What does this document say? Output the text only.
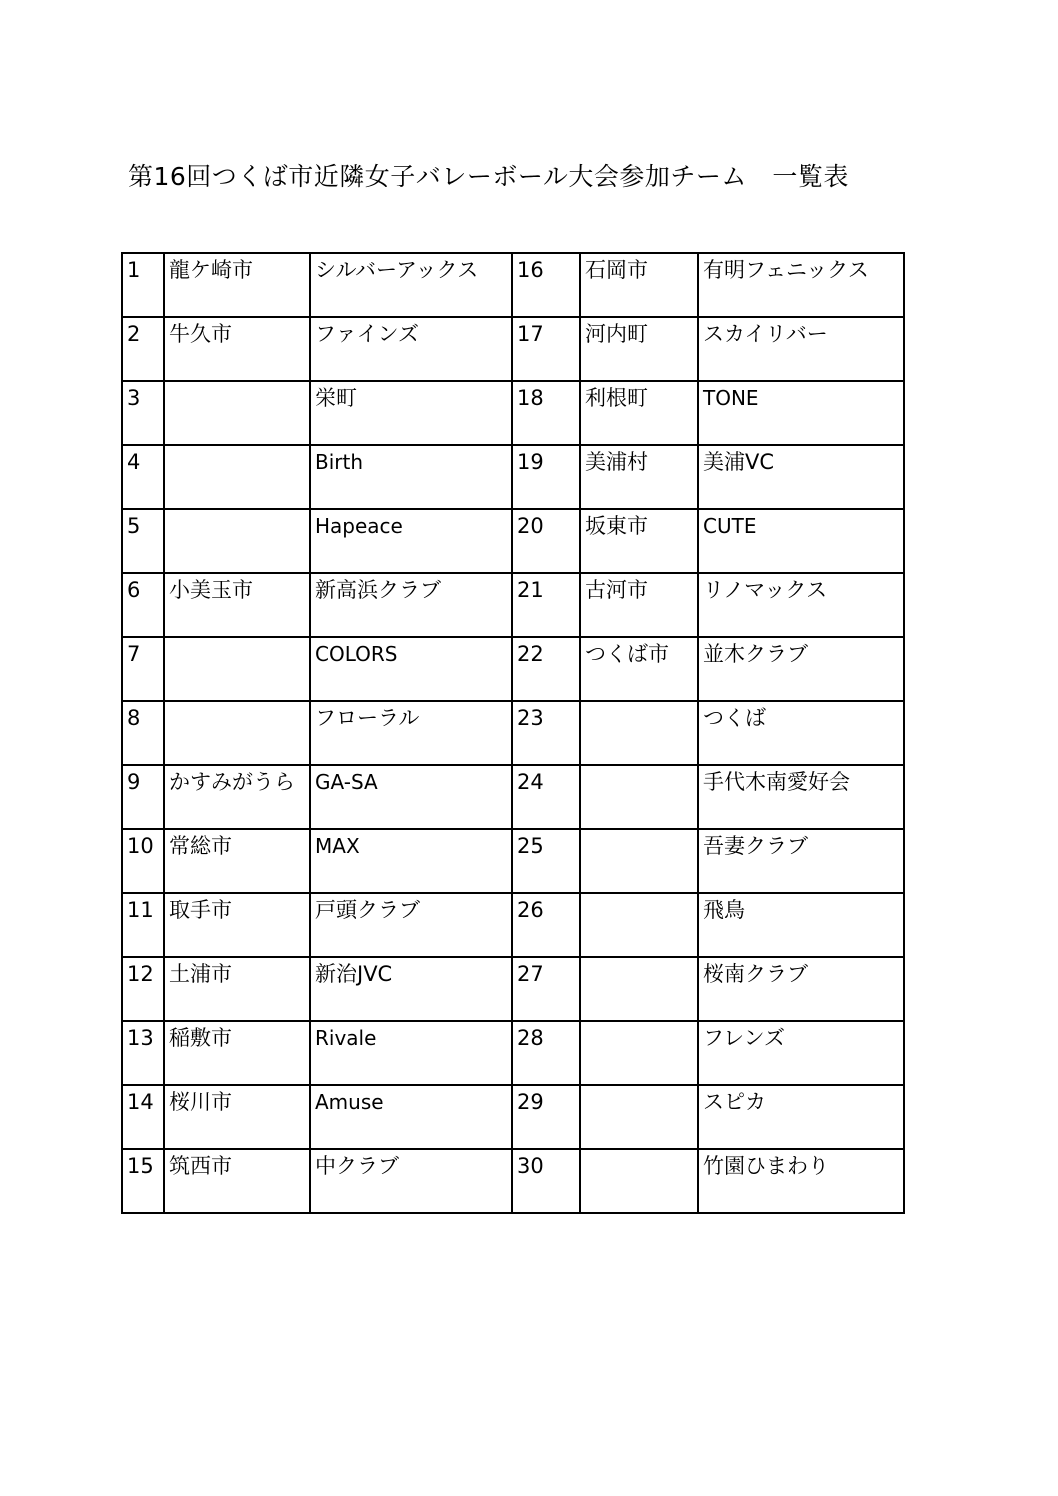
第16回つくば市近隣女子バレーボール大会参加チーム　一覧表
1	龍ケ崎市	シルバーアックス	16	石岡市	有明フェニックス
2	牛久市	ファインズ	17	河内町	スカイリバー
3		栄町	18	利根町	TONE
4		Birth	19	美浦村	美浦VC
5		Hapeace	20	坂東市	CUTE
6	小美玉市	新高浜クラブ	21	古河市	リノマックス
7		COLORS	22	つくば市	並木クラブ
8		フローラル	23		つくば
9	かすみがうら	GA-SA	24		手代木南愛好会
10	常総市	MAX	25		吾妻クラブ
11	取手市	戸頭クラブ	26		飛鳥
12	土浦市	新治JVC	27		桜南クラブ
13	稲敷市	Rivale	28		フレンズ
14	桜川市	Amuse	29		スピカ
15	筑西市	中クラブ	30		竹園ひまわり
